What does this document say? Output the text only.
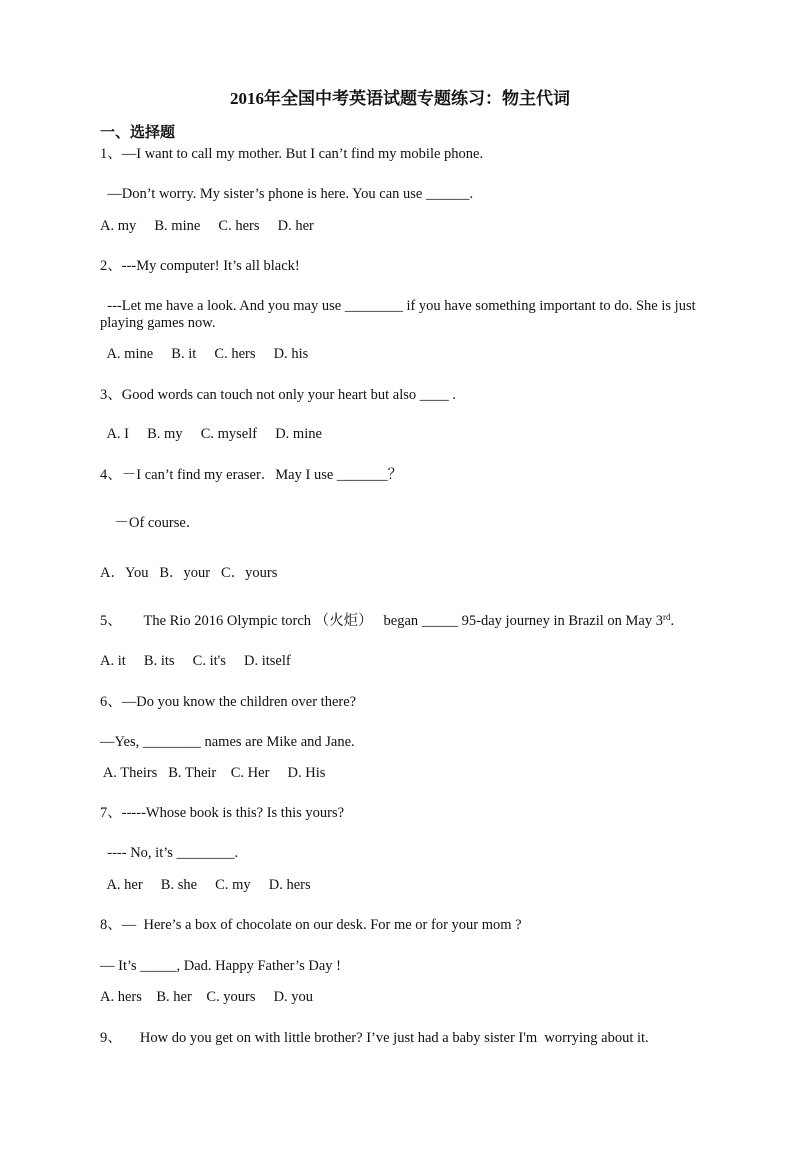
2016年全国中考英语试题专题练习：物主代词
一、选择题
1、—I want to call my mother. But I can’t find my mobile phone.
—Don’t worry. My sister’s phone is here. You can use ______.
A. my     B. mine     C. hers     D. her
2、---My computer! It’s all black!
---Let me have a look. And you may use ________ if you have something important to do. She is just playing games now.
A. mine     B. it     C. hers     D. his
3、Good words can touch not only your heart but also ____ .
A. I     B. my     C. myself     D. mine
4、－I can’t find my eraser．May I use _______？
－Of course．
A．You   B．your   C．yours
5、      The Rio 2016 Olympic torch （火炬）   began _____ 95-day journey in Brazil on May 3rd.
A. it     B. its     C. it's     D. itself
6、—Do you know the children over there?
—Yes, ________ names are Mike and Jane.
A. Theirs   B. Their    C. Her     D. His
7、-----Whose book is this? Is this yours?
---- No, it’s ________.
A. her     B. she     C. my     D. hers
8、—  Here’s a box of chocolate on our desk. For me or for your mom ?
— It’s _____, Dad. Happy Father’s Day !
A. hers    B. her    C. yours     D. you
9、     How do you get on with little brother? I’ve just had a baby sister I'm  worrying about it.
